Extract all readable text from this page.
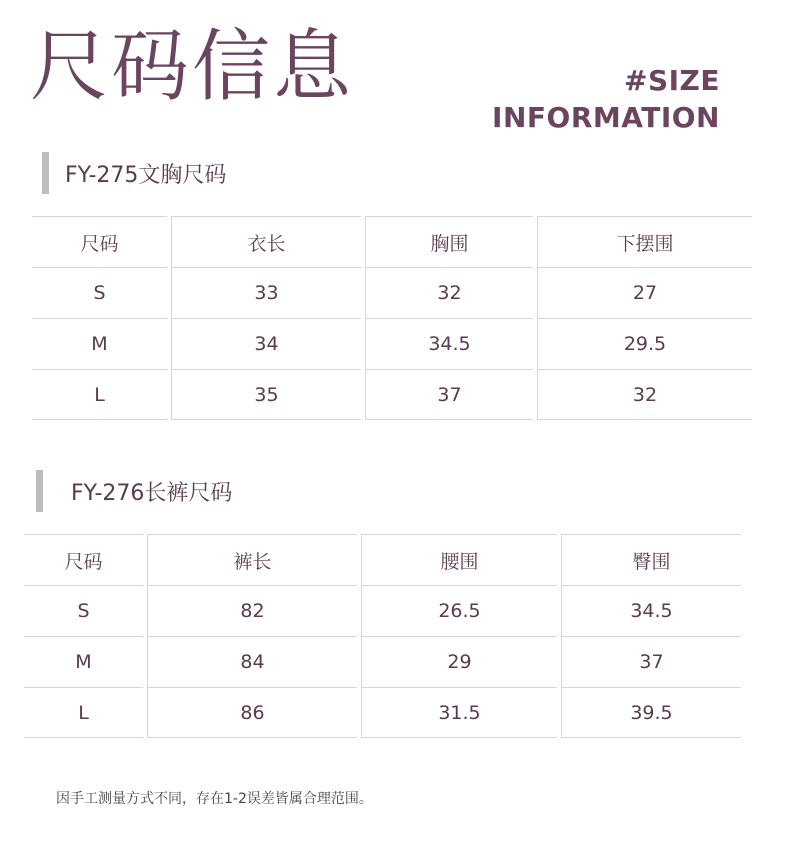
尺码信息	#SIZE
INFORMATION
FY-275文胸尺码
尺码	衣长	胸围	下摆围
S	33	32	27
M	34	34.5	29.5
L	35	37	32
FY-276长裤尺码
尺码	裤长	腰围	臀围
S	82	26.5	34.5
M	84	29	37
L	86	31.5	39.5
因手工测量方式不同，存在1-2误差皆属合理范围。
